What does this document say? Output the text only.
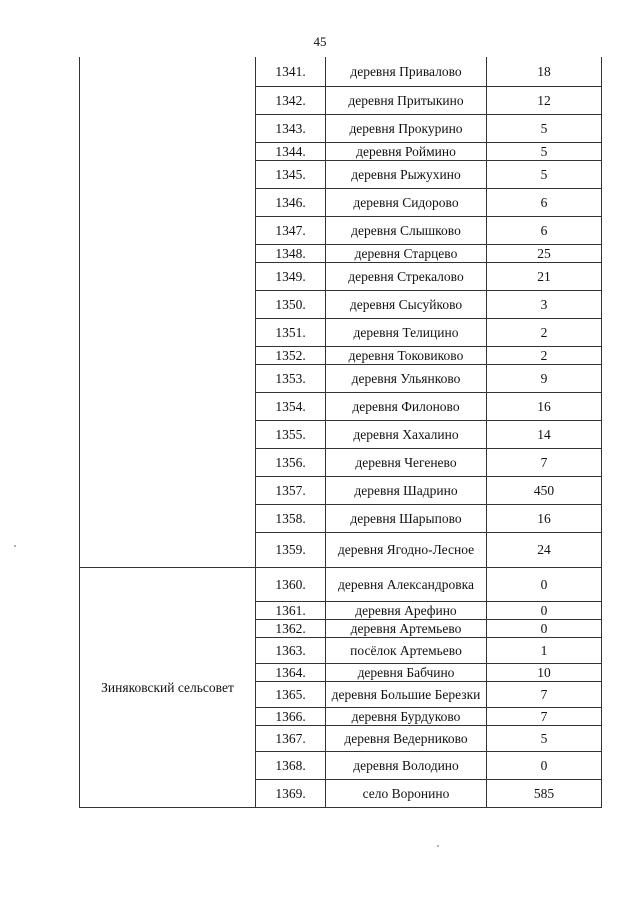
45
	1341.	деревня Привалово	18
	1342.	деревня Притыкино	12
	1343.	деревня Прокурино	5
	1344.	деревня Роймино	5
	1345.	деревня Рыжухино	5
	1346.	деревня Сидорово	6
	1347.	деревня Слышково	6
	1348.	деревня Старцево	25
	1349.	деревня Стрекалово	21
	1350.	деревня Сысуйково	3
	1351.	деревня Телицино	2
	1352.	деревня Токовиково	2
	1353.	деревня Ульянково	9
	1354.	деревня Филоново	16
	1355.	деревня Хахалино	14
	1356.	деревня Чегенево	7
	1357.	деревня Шадрино	450
	1358.	деревня Шарыпово	16
	1359.	деревня Ягодно-Лесное	24
Зиняковский сельсовет	1360.	деревня Александровка	0
	1361.	деревня Арефино	0
	1362.	деревня Артемьево	0
	1363.	посёлок Артемьево	1
	1364.	деревня Бабчино	10
	1365.	деревня Большие Березки	7
	1366.	деревня Бурдуково	7
	1367.	деревня Ведерниково	5
	1368.	деревня Володино	0
	1369.	село Воронино	585
